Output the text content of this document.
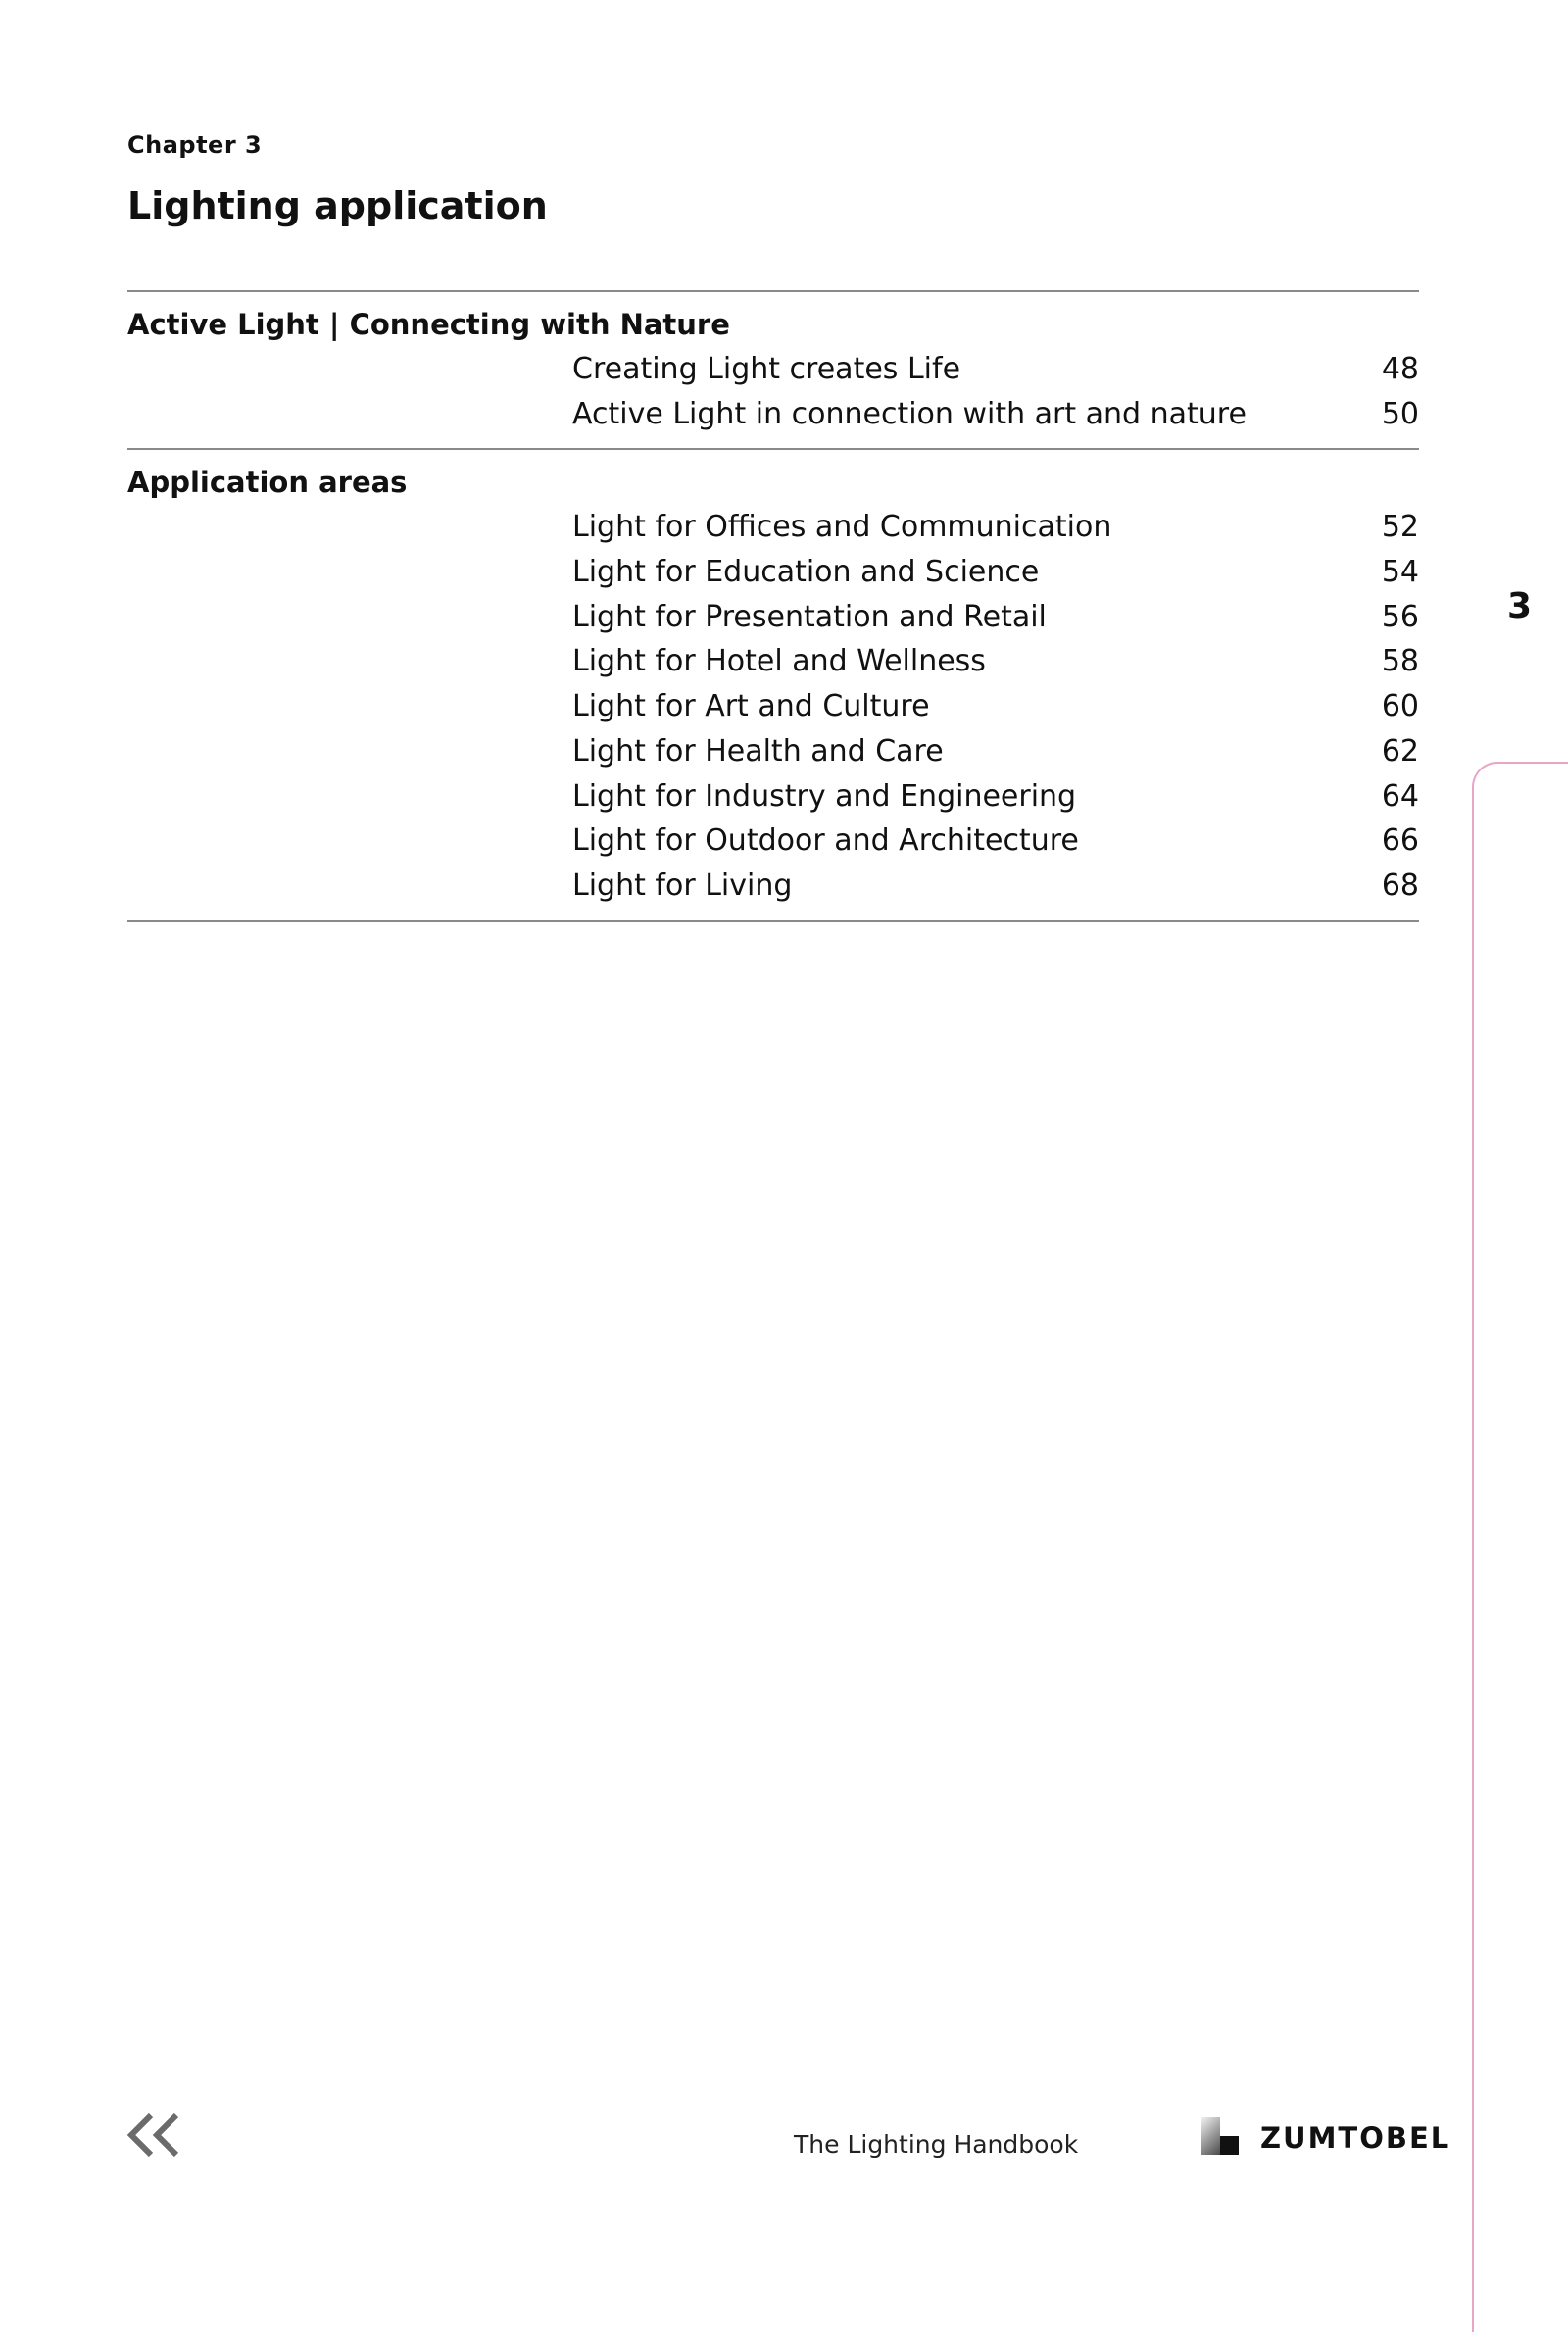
Chapter 3
Lighting application
Active Light | Connecting with Nature
Creating Light creates Life	48
Active Light in connection with art and nature	50
Application areas
Light for Offices and Communication	52
Light for Education and Science	54
Light for Presentation and Retail	56
Light for Hotel and Wellness	58
Light for Art and Culture	60
Light for Health and Care	62
Light for Industry and Engineering	64
Light for Outdoor and Architecture	66
Light for Living	68
3
The Lighting Handbook	ZUMTOBEL
